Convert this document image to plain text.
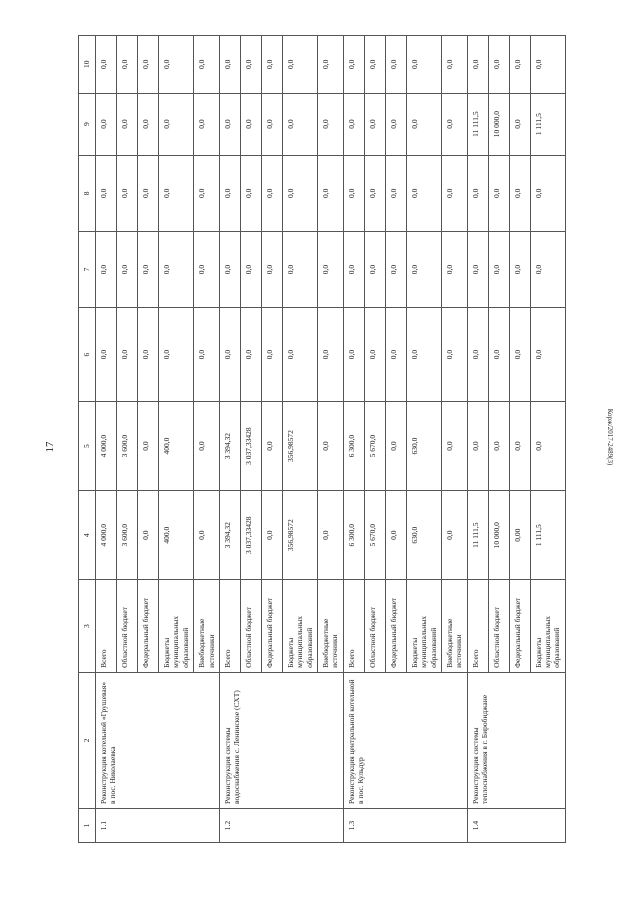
17	Корж/2017-2489(3)
1	2	3	4	5	6	7	8	9	10
1.1	Реконструкция котельной «Грушевая» в пос. Николаевка	Всего	4 000,0	4 000,0	0,0	0,0	0,0	0,0	0,0
		Областной бюджет	3 600,0	3 600,0	0,0	0,0	0,0	0,0	0,0
		Федеральный бюджет	0,0	0,0	0,0	0,0	0,0	0,0	0,0
		Бюджеты муниципальных образований	400,0	400,0	0,0	0,0	0,0	0,0	0,0
		Внебюджетные источники	0,0	0,0	0,0	0,0	0,0	0,0	0,0
1.2	Реконструкция системы водоснабжения с. Ленинское (СХТ)	Всего	3 394,32	3 394,32	0,0	0,0	0,0	0,0	0,0
		Областной бюджет	3 037,33428	3 037,33428	0,0	0,0	0,0	0,0	0,0
		Федеральный бюджет	0,0	0,0	0,0	0,0	0,0	0,0	0,0
		Бюджеты муниципальных образований	356,98572	356,98572	0,0	0,0	0,0	0,0	0,0
		Внебюджетные источники	0,0	0,0	0,0	0,0	0,0	0,0	0,0
1.3	Реконструкция центральной котельной в пос. Кульдур	Всего	6 300,0	6 300,0	0,0	0,0	0,0	0,0	0,0
		Областной бюджет	5 670,0	5 670,0	0,0	0,0	0,0	0,0	0,0
		Федеральный бюджет	0,0	0,0	0,0	0,0	0,0	0,0	0,0
		Бюджеты муниципальных образований	630,0	630,0	0,0	0,0	0,0	0,0	0,0
		Внебюджетные источники	0,0	0,0	0,0	0,0	0,0	0,0	0,0
1.4	Реконструкция системы теплоснабжения в г. Биробиджане	Всего	11 111,5	0,0	0,0	0,0	0,0	11 111,5	0,0
		Областной бюджет	10 000,0	0,0	0,0	0,0	0,0	10 000,0	0,0
		Федеральный бюджет	0,00	0,0	0,0	0,0	0,0	0,0	0,0
		Бюджеты муниципальных образований	1 111,5	0,0	0,0	0,0	0,0	1 111,5	0,0
